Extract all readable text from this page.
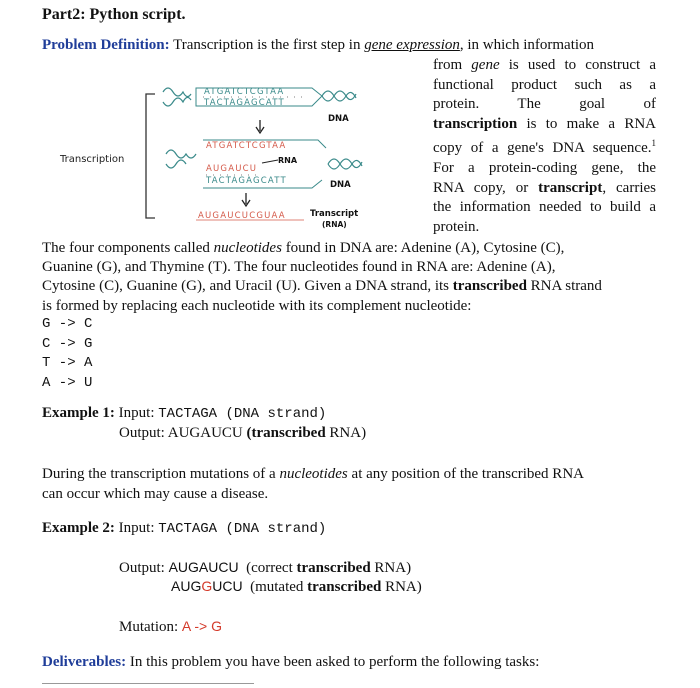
Part2: Python script.
Problem Definition: Transcription is the first step in gene expression, in which information
from gene is used to construct a
functional product such as a
protein. The goal of
transcription is to make a RNA
copy of a gene's DNA sequence.$^1$
For a protein-coding gene, the
RNA copy, or transcript, carries
the information needed to build a
protein.
Transcription
ATGATCTCGTAA
TACTAGAGCATT
DNA
ATGATCTCGTAA
AUGAUCU
RNA
TACTAGAGCATT	DNA
AUGAUCUCGUAA	Transcript
(RNA)
The four components called nucleotides found in DNA are: Adenine (A), Cytosine (C),
Guanine (G), and Thymine (T). The four nucleotides found in RNA are: Adenine (A),
Cytosine (C), Guanine (G), and Uracil (U). Given a DNA strand, its transcribed RNA strand
is formed by replacing each nucleotide with its complement nucleotide:
G -> C
C -> G
T -> A
A -> U
Example 1: Input: TACTAGA (DNA strand)
Output: AUGAUCU (transcribed RNA)
During the transcription mutations of a nucleotides at any position of the transcribed RNA
can occur which may cause a disease.
Example 2: Input: TACTAGA (DNA strand)
Output: AUGAUCU (correct transcribed RNA)
AUGGUCU (mutated transcribed RNA)
Mutation: A -> G
Deliverables: In this problem you have been asked to perform the following tasks:
